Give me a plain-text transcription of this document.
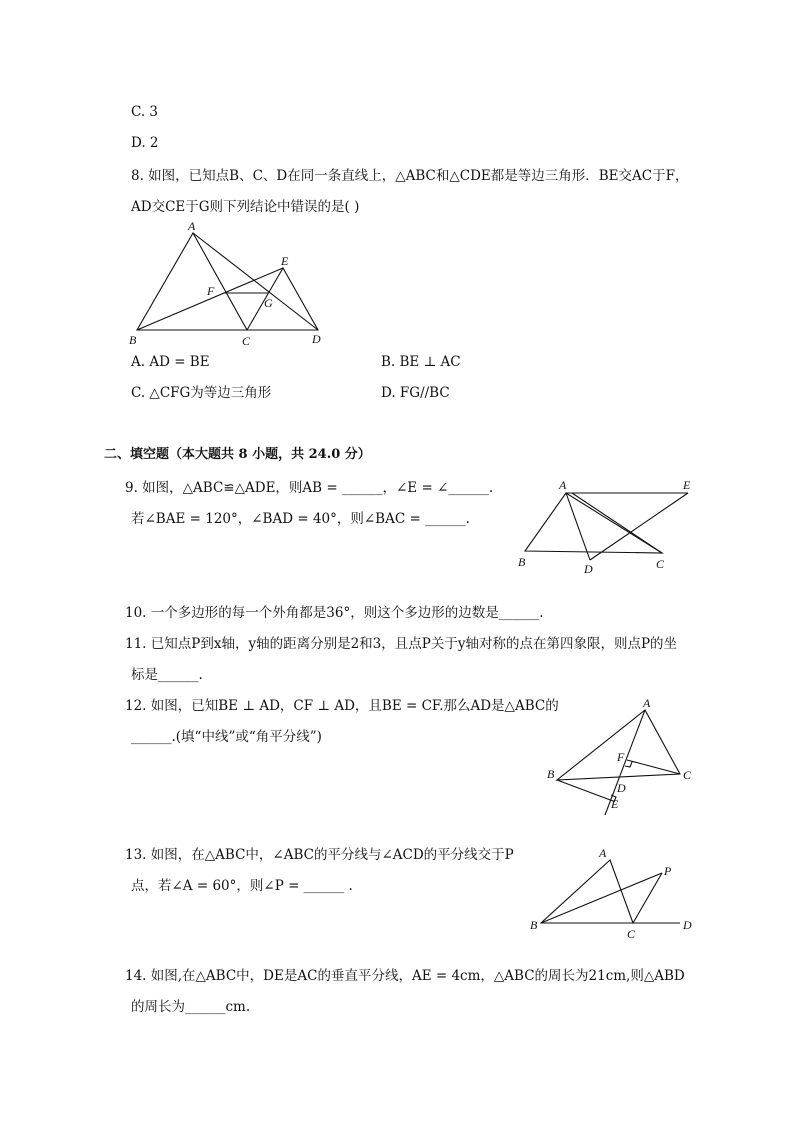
C. 3
D. 2
8. 如图，已知点B、C、D在同一条直线上，△ABC和△CDE都是等边三角形．BE交AC于F，
AD交CE于G则下列结论中错误的是( )
A
B	C	D
E
F
G
A. AD = BE	B. BE ⊥ AC
C. △CFG为等边三角形	D. FG//BC
二、填空题（本大题共 8 小题，共 24.0 分）
9. 如图，△ABC≌△ADE，则AB = ______，∠E = ∠______.
若∠BAE = 120°，∠BAD = 40°，则∠BAC = ______.
A
B	C
D
E
10. 一个多边形的每一个外角都是36°，则这个多边形的边数是______.
11. 已知点P到x轴，y轴的距离分别是2和3，且点P关于y轴对称的点在第四象限，则点P的坐
标是______.
12. 如图，已知BE ⊥ AD，CF ⊥ AD，且BE = CF.那么AD是△ABC的
______.(填“中线”或“角平分线”)
A
B	C
D
E
F
13. 如图，在△ABC中，∠ABC的平分线与∠ACD的平分线交于P
点，若∠A = 60°，则∠P = ______ .
A
B
C
D
P
14. 如图,在△ABC中，DE是AC的垂直平分线，AE = 4cm，△ABC的周长为21cm,则△ABD
的周长为______cm.
